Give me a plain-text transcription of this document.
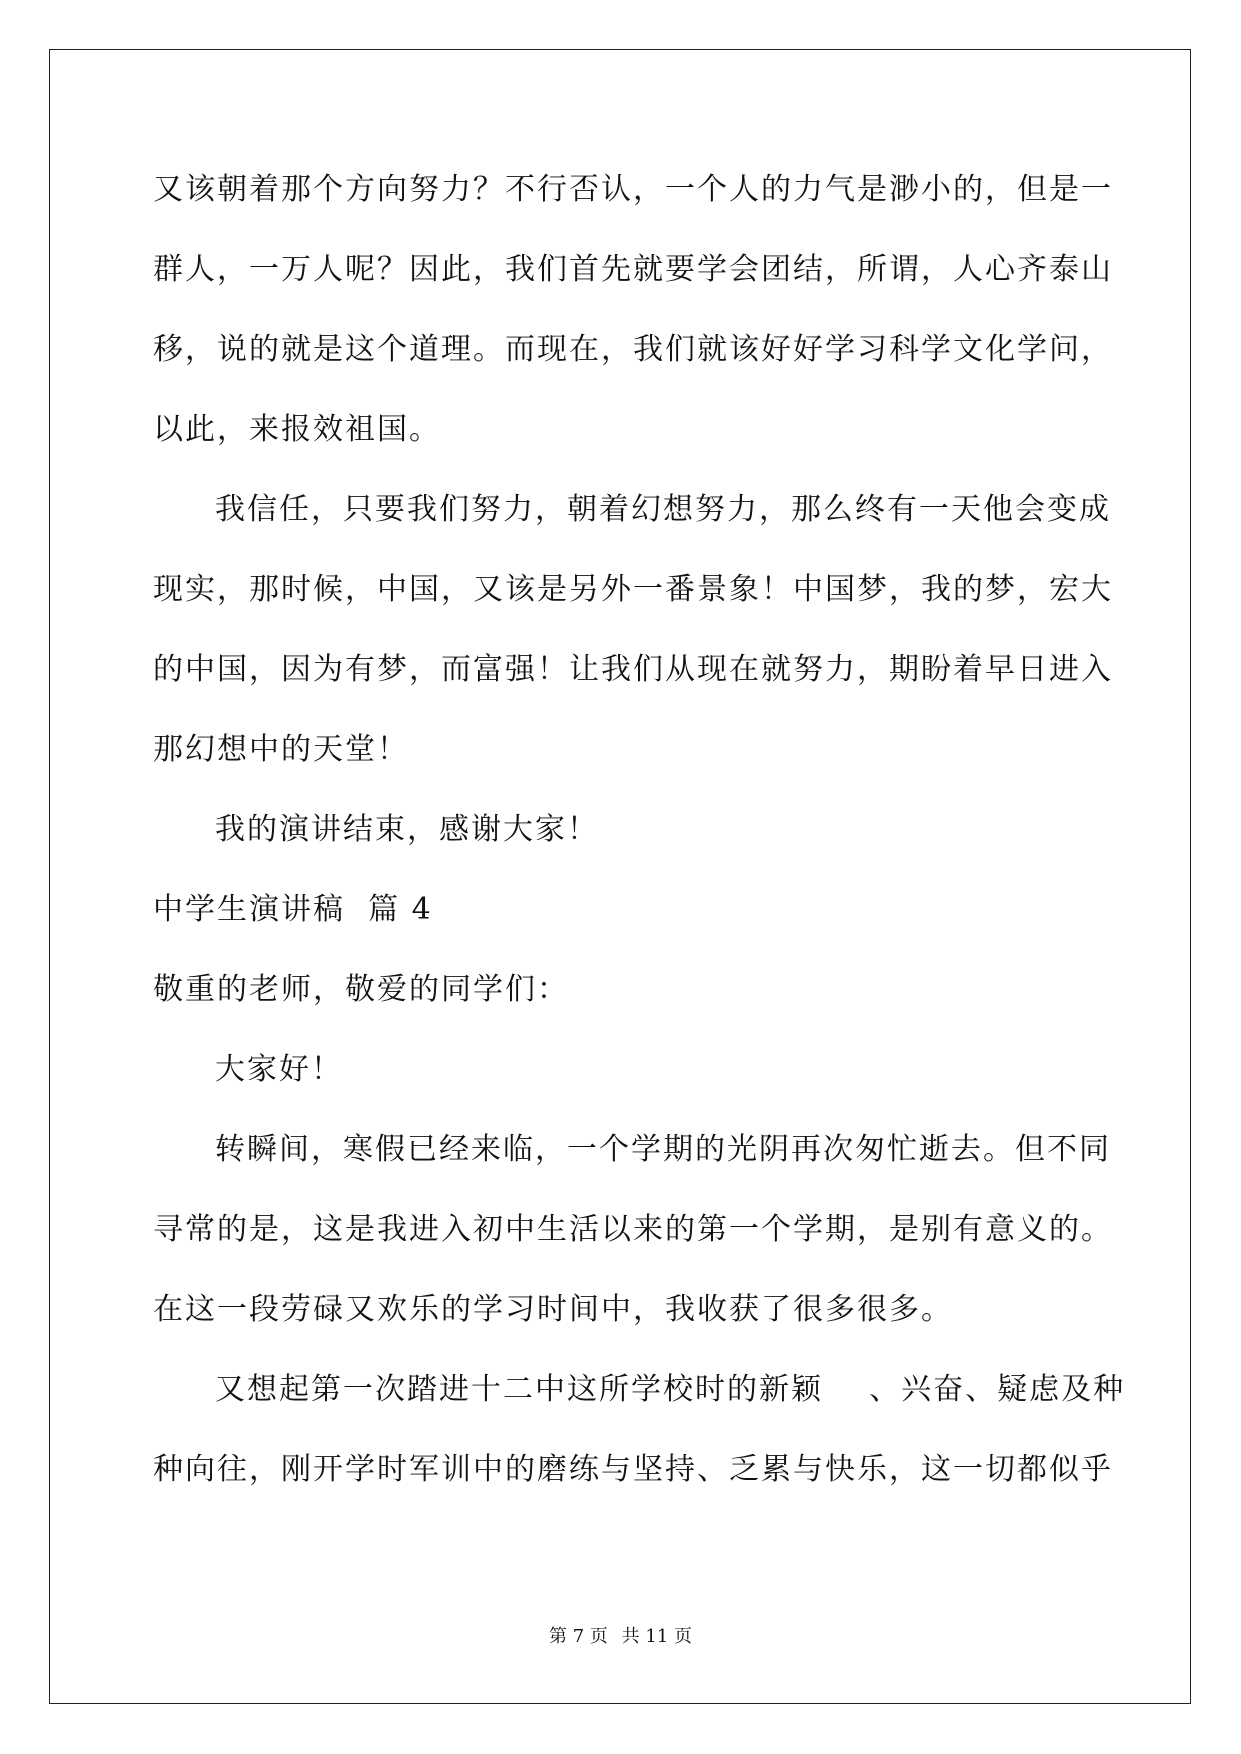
又该朝着那个方向努力？不行否认，一个人的力气是渺小的，但是一
群人，一万人呢？因此，我们首先就要学会团结，所谓，人心齐泰山
移，说的就是这个道理。而现在，我们就该好好学习科学文化学问，
以此，来报效祖国。
我信任，只要我们努力，朝着幻想努力，那么终有一天他会变成
现实，那时候，中国，又该是另外一番景象！中国梦，我的梦，宏大
的中国，因为有梦，而富强！让我们从现在就努力，期盼着早日进入
那幻想中的天堂！
我的演讲结束，感谢大家！
中学生演讲稿  篇 4
敬重的老师，敬爱的同学们：
大家好！
转瞬间，寒假已经来临，一个学期的光阴再次匆忙逝去。但不同
寻常的是，这是我进入初中生活以来的第一个学期，是别有意义的。
在这一段劳碌又欢乐的学习时间中，我收获了很多很多。
又想起第一次踏进十二中这所学校时的新颖    、兴奋、疑虑及种
种向往，刚开学时军训中的磨练与坚持、乏累与快乐，这一切都似乎
第 7 页 共 11 页
